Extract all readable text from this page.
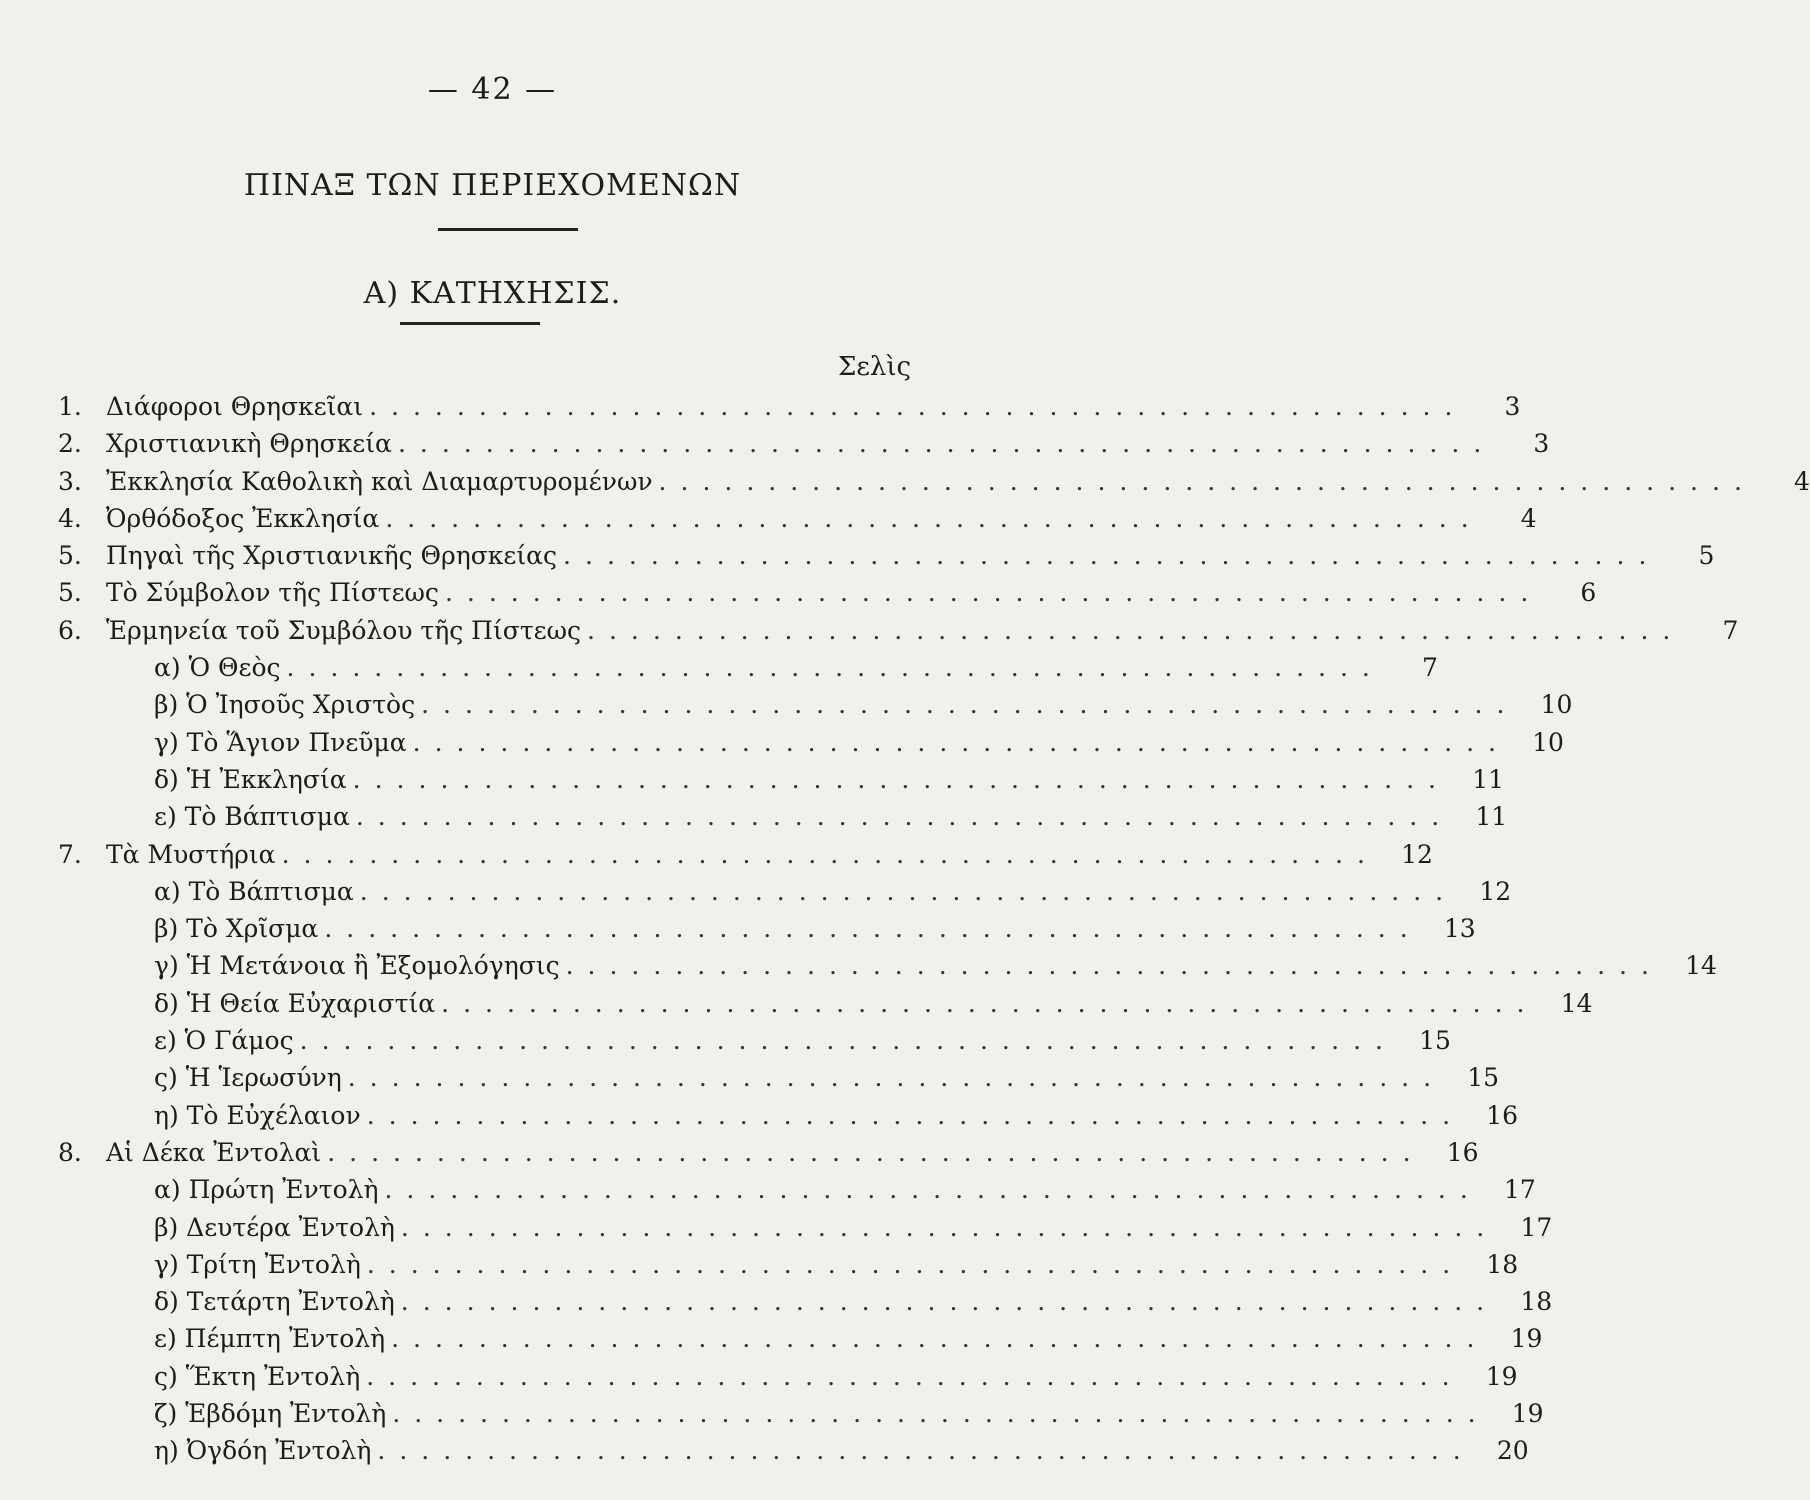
— 42 —
ΠΙΝΑΞ ΤΩΝ ΠΕΡΙΕΧΟΜΕΝΩΝ
Α) ΚΑΤΗΧΗΣΙΣ.
Σελὶς
1. Διάφοροι Θρησκεῖαι ..................................................	3
2. Χριστιανικὴ Θρησκεία ..................................................	3
3. Ἐκκλησία Καθολικὴ καὶ Διαμαρτυρομένων ..................................................	4
4. Ὀρθόδοξος Ἐκκλησία ..................................................	4
5. Πηγαὶ τῆς Χριστιανικῆς Θρησκείας ..................................................	5
5. Τὸ Σύμβολον τῆς Πίστεως ..................................................	6
6. Ἑρμηνεία τοῦ Συμβόλου τῆς Πίστεως ..................................................	7
α) Ὁ Θεὸς ..................................................	7
β) Ὁ Ἰησοῦς Χριστὸς .................................................. 10
γ) Τὸ Ἅγιον Πνεῦμα .................................................. 10
δ) Ἡ Ἐκκλησία .................................................. 11
ε) Τὸ Βάπτισμα .................................................. 11
7. Τὰ Μυστήρια .................................................. 12
α) Τὸ Βάπτισμα .................................................. 12
β) Τὸ Χρῖσμα .................................................. 13
γ) Ἡ Μετάνοια ἢ Ἐξομολόγησις .................................................. 14
δ) Ἡ Θεία Εὐχαριστία .................................................. 14
ε) Ὁ Γάμος .................................................. 15
ς) Ἡ Ἱερωσύνη .................................................. 15
η) Τὸ Εὐχέλαιον .................................................. 16
8. Αἱ Δέκα Ἐντολαὶ .................................................. 16
α) Πρώτη Ἐντολὴ .................................................. 17
β) Δευτέρα Ἐντολὴ .................................................. 17
γ) Τρίτη Ἐντολὴ .................................................. 18
δ) Τετάρτη Ἐντολὴ .................................................. 18
ε) Πέμπτη Ἐντολὴ .................................................. 19
ς) Ἕκτη Ἐντολὴ .................................................. 19
ζ) Ἑβδόμη Ἐντολὴ .................................................. 19
η) Ὀγδόη Ἐντολὴ .................................................. 20
